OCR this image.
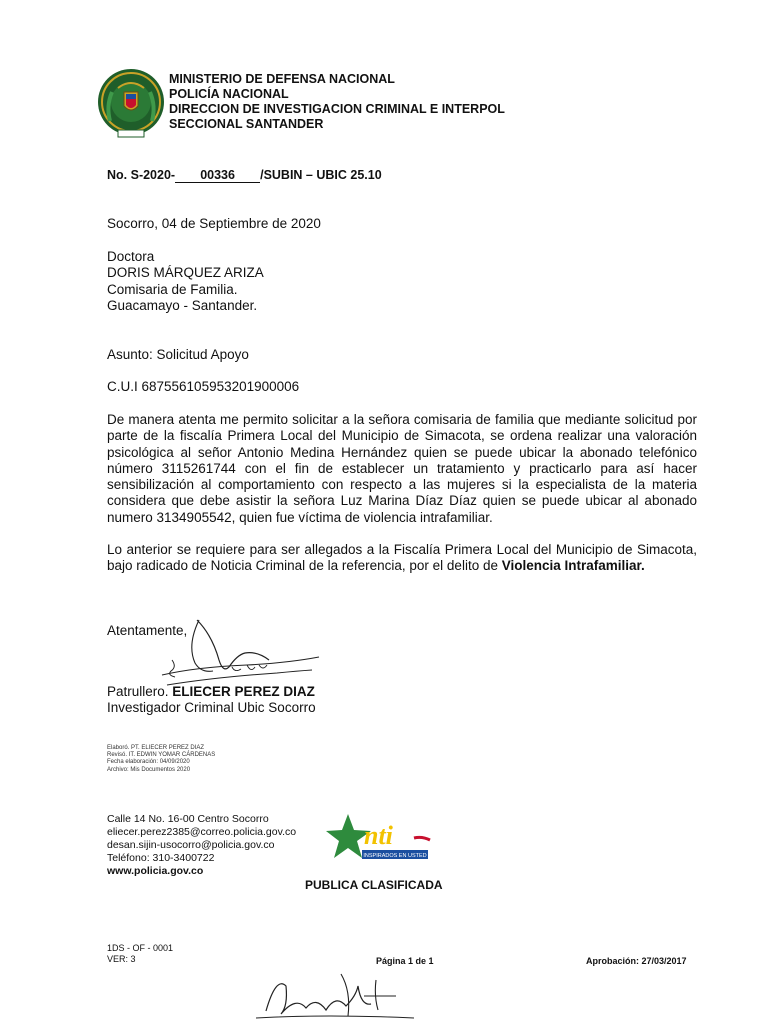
MINISTERIO DE DEFENSA NACIONAL
POLICÍA NACIONAL
DIRECCION DE INVESTIGACION CRIMINAL E INTERPOL
SECCIONAL SANTANDER
No. S-2020- 00336 /SUBIN – UBIC 25.10
Socorro, 04 de Septiembre de 2020
Doctora
DORIS MÁRQUEZ ARIZA
Comisaria de Familia.
Guacamayo - Santander.
Asunto: Solicitud Apoyo
C.U.I 687556105953201900006
De manera atenta me permito solicitar a la señora comisaria de familia que mediante solicitud por parte de la fiscalía Primera Local del Municipio de Simacota, se ordena realizar una valoración psicológica al señor Antonio Medina Hernández quien se puede ubicar la abonado telefónico número 3115261744 con el fin de establecer un tratamiento y practicarlo para así hacer sensibilización al comportamiento con respecto a las mujeres si la especialista de la materia considera que debe asistir la señora Luz Marina Díaz Díaz quien se puede ubicar al abonado numero 3134905542, quien fue víctima de violencia intrafamiliar.
Lo anterior se requiere para ser allegados a la Fiscalía Primera Local del Municipio de Simacota, bajo radicado de Noticia Criminal de la referencia, por el delito de Violencia Intrafamiliar.
Atentamente,
Patrullero. ELIECER PEREZ DIAZ
Investigador Criminal Ubic Socorro
Elaboró. PT. ELIECER PEREZ DIAZ
Revisó. IT. EDWIN YOMAR CÁRDENAS
Fecha elaboración: 04/09/2020
Archivo: Mis Documentos 2020
Calle 14 No. 16-00 Centro Socorro
eliecer.perez2385@correo.policia.gov.co
desan.sijin-usocorro@policia.gov.co
Teléfono: 310-3400722
www.policia.gov.co
nti
INSPIRADOS EN USTED
PUBLICA CLASIFICADA
1DS - OF - 0001
VER: 3	Página 1 de 1	Aprobación: 27/03/2017
